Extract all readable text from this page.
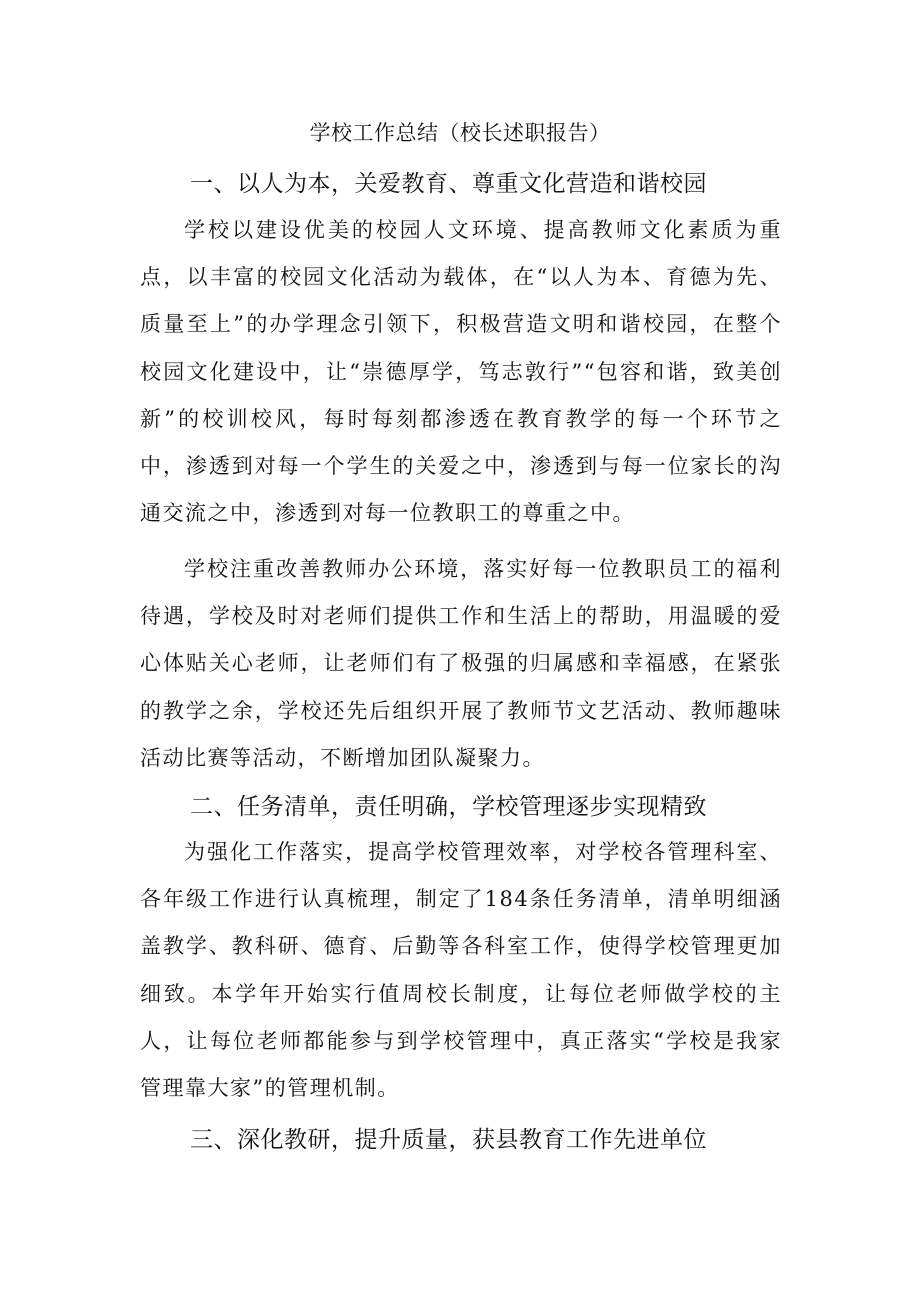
学校工作总结（校长述职报告）
一、以人为本，关爱教育、尊重文化营造和谐校园

学校以建设优美的校园人文环境、提高教师文化素质为重点，以丰富的校园文化活动为载体，在“以人为本、育德为先、质量至上”的办学理念引领下，积极营造文明和谐校园，在整个校园文化建设中，让“崇德厚学，笃志敦行”“包容和谐，致美创新”的校训校风，每时每刻都渗透在教育教学的每一个环节之中，渗透到对每一个学生的关爱之中，渗透到与每一位家长的沟通交流之中，渗透到对每一位教职工的尊重之中。

学校注重改善教师办公环境，落实好每一位教职员工的福利待遇，学校及时对老师们提供工作和生活上的帮助，用温暖的爱心体贴关心老师，让老师们有了极强的归属感和幸福感，在紧张的教学之余，学校还先后组织开展了教师节文艺活动、教师趣味活动比赛等活动，不断增加团队凝聚力。

二、任务清单，责任明确，学校管理逐步实现精致

为强化工作落实，提高学校管理效率，对学校各管理科室、各年级工作进行认真梳理，制定了184条任务清单，清单明细涵盖教学、教科研、德育、后勤等各科室工作，使得学校管理更加细致。本学年开始实行值周校长制度，让每位老师做学校的主人，让每位老师都能参与到学校管理中，真正落实“学校是我家管理靠大家”的管理机制。

三、深化教研，提升质量，获县教育工作先进单位
